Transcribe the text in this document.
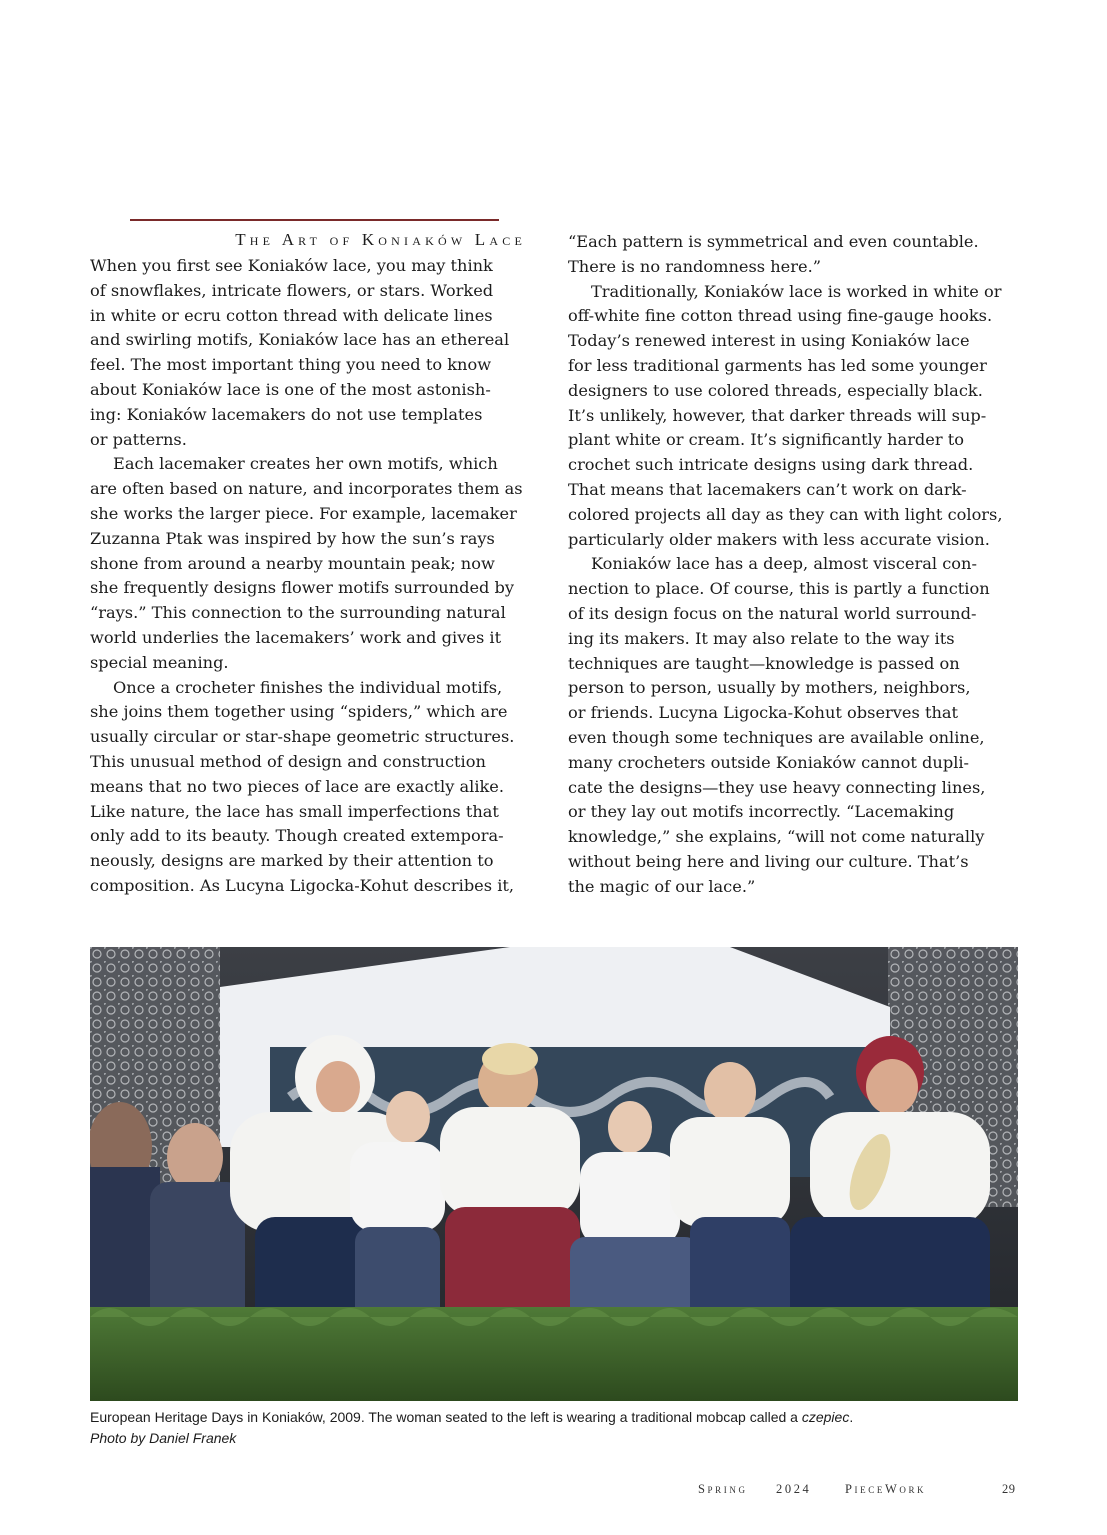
The Art of Koniaków Lace
When you first see Koniaków lace, you may think
of snowflakes, intricate flowers, or stars. Worked
in white or ecru cotton thread with delicate lines
and swirling motifs, Koniaków lace has an ethereal
feel. The most important thing you need to know
about Koniaków lace is one of the most astonish-
ing: Koniaków lacemakers do not use templates
or patterns.
Each lacemaker creates her own motifs, which
are often based on nature, and incorporates them as
she works the larger piece. For example, lacemaker
Zuzanna Ptak was inspired by how the sun’s rays
shone from around a nearby mountain peak; now
she frequently designs flower motifs surrounded by
“rays.” This connection to the surrounding natural
world underlies the lacemakers’ work and gives it
special meaning.
Once a crocheter finishes the individual motifs,
she joins them together using “spiders,” which are
usually circular or star-shape geometric structures.
This unusual method of design and construction
means that no two pieces of lace are exactly alike.
Like nature, the lace has small imperfections that
only add to its beauty. Though created extempora-
neously, designs are marked by their attention to
composition. As Lucyna Ligocka-Kohut describes it,
“Each pattern is symmetrical and even countable.
There is no randomness here.”
Traditionally, Koniaków lace is worked in white or
off-white fine cotton thread using fine-gauge hooks.
Today’s renewed interest in using Koniaków lace
for less traditional garments has led some younger
designers to use colored threads, especially black.
It’s unlikely, however, that darker threads will sup-
plant white or cream. It’s significantly harder to
crochet such intricate designs using dark thread.
That means that lacemakers can’t work on dark-
colored projects all day as they can with light colors,
particularly older makers with less accurate vision.
Koniaków lace has a deep, almost visceral con-
nection to place. Of course, this is partly a function
of its design focus on the natural world surround-
ing its makers. It may also relate to the way its
techniques are taught—knowledge is passed on
person to person, usually by mothers, neighbors,
or friends. Lucyna Ligocka-Kohut observes that
even though some techniques are available online,
many crocheters outside Koniaków cannot dupli-
cate the designs—they use heavy connecting lines,
or they lay out motifs incorrectly. “Lacemaking
knowledge,” she explains, “will not come naturally
without being here and living our culture. That’s
the magic of our lace.”
European Heritage Days in Koniaków, 2009. The woman seated to the left is wearing a traditional mobcap called a czepiec.
Photo by Daniel Franek
Spring 2024	PieceWork	29
